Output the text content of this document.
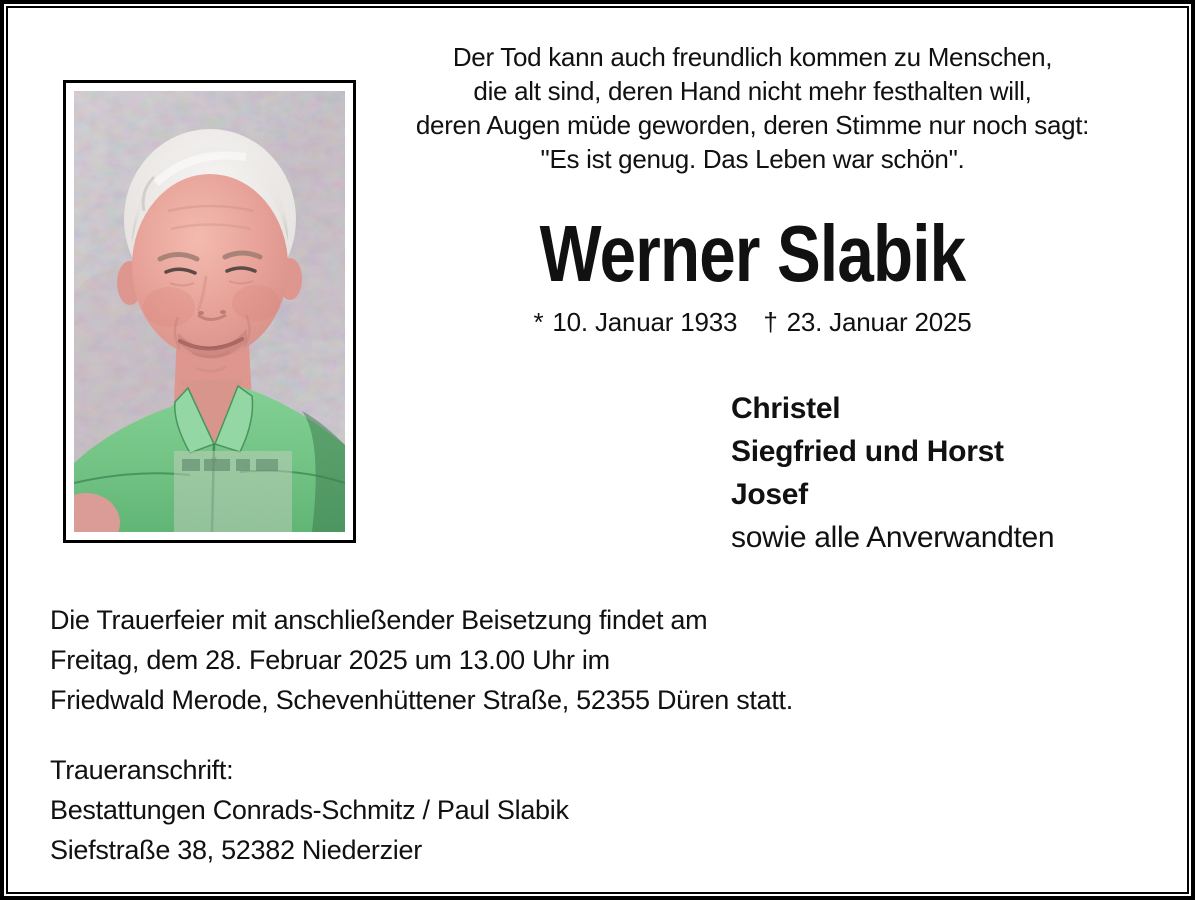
Der Tod kann auch freundlich kommen zu Menschen,
die alt sind, deren Hand nicht mehr festhalten will,
deren Augen müde geworden, deren Stimme nur noch sagt:
"Es ist genug. Das Leben war schön".
Werner Slabik
* 10. Januar 1933 † 23. Januar 2025
Christel
Siegfried und Horst
Josef
sowie alle Anverwandten
Die Trauerfeier mit anschließender Beisetzung findet am
Freitag, dem 28. Februar 2025 um 13.00 Uhr im
Friedwald Merode, Schevenhüttener Straße, 52355 Düren statt.
Traueranschrift:
Bestattungen Conrads-Schmitz / Paul Slabik
Siefstraße 38, 52382 Niederzier
